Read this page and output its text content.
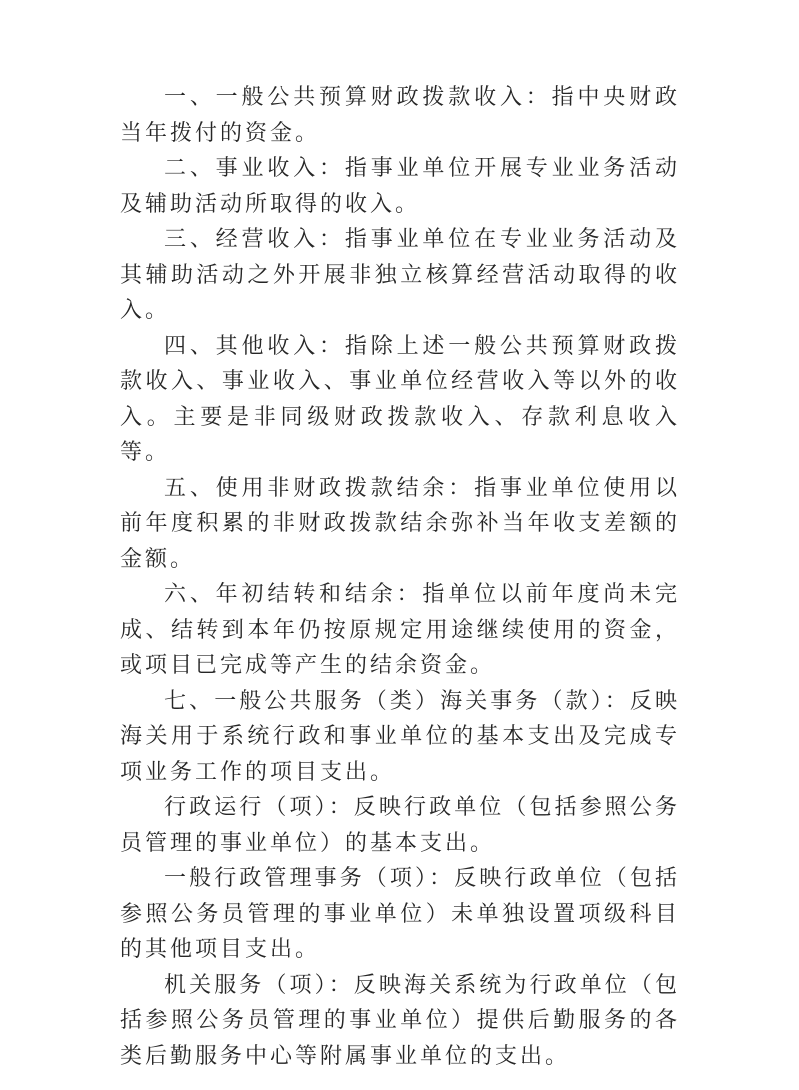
一、一般公共预算财政拨款收入：指中央财政当年拨付的资金。

二、事业收入：指事业单位开展专业业务活动及辅助活动所取得的收入。

三、经营收入：指事业单位在专业业务活动及其辅助活动之外开展非独立核算经营活动取得的收入。

四、其他收入：指除上述一般公共预算财政拨款收入、事业收入、事业单位经营收入等以外的收入。主要是非同级财政拨款收入、存款利息收入等。

五、使用非财政拨款结余：指事业单位使用以前年度积累的非财政拨款结余弥补当年收支差额的金额。

六、年初结转和结余：指单位以前年度尚未完成、结转到本年仍按原规定用途继续使用的资金，或项目已完成等产生的结余资金。

七、一般公共服务（类）海关事务（款）：反映海关用于系统行政和事业单位的基本支出及完成专项业务工作的项目支出。

行政运行（项）：反映行政单位（包括参照公务员管理的事业单位）的基本支出。

一般行政管理事务（项）：反映行政单位（包括参照公务员管理的事业单位）未单独设置项级科目的其他项目支出。

机关服务（项）：反映海关系统为行政单位（包括参照公务员管理的事业单位）提供后勤服务的各类后勤服务中心等附属事业单位的支出。
